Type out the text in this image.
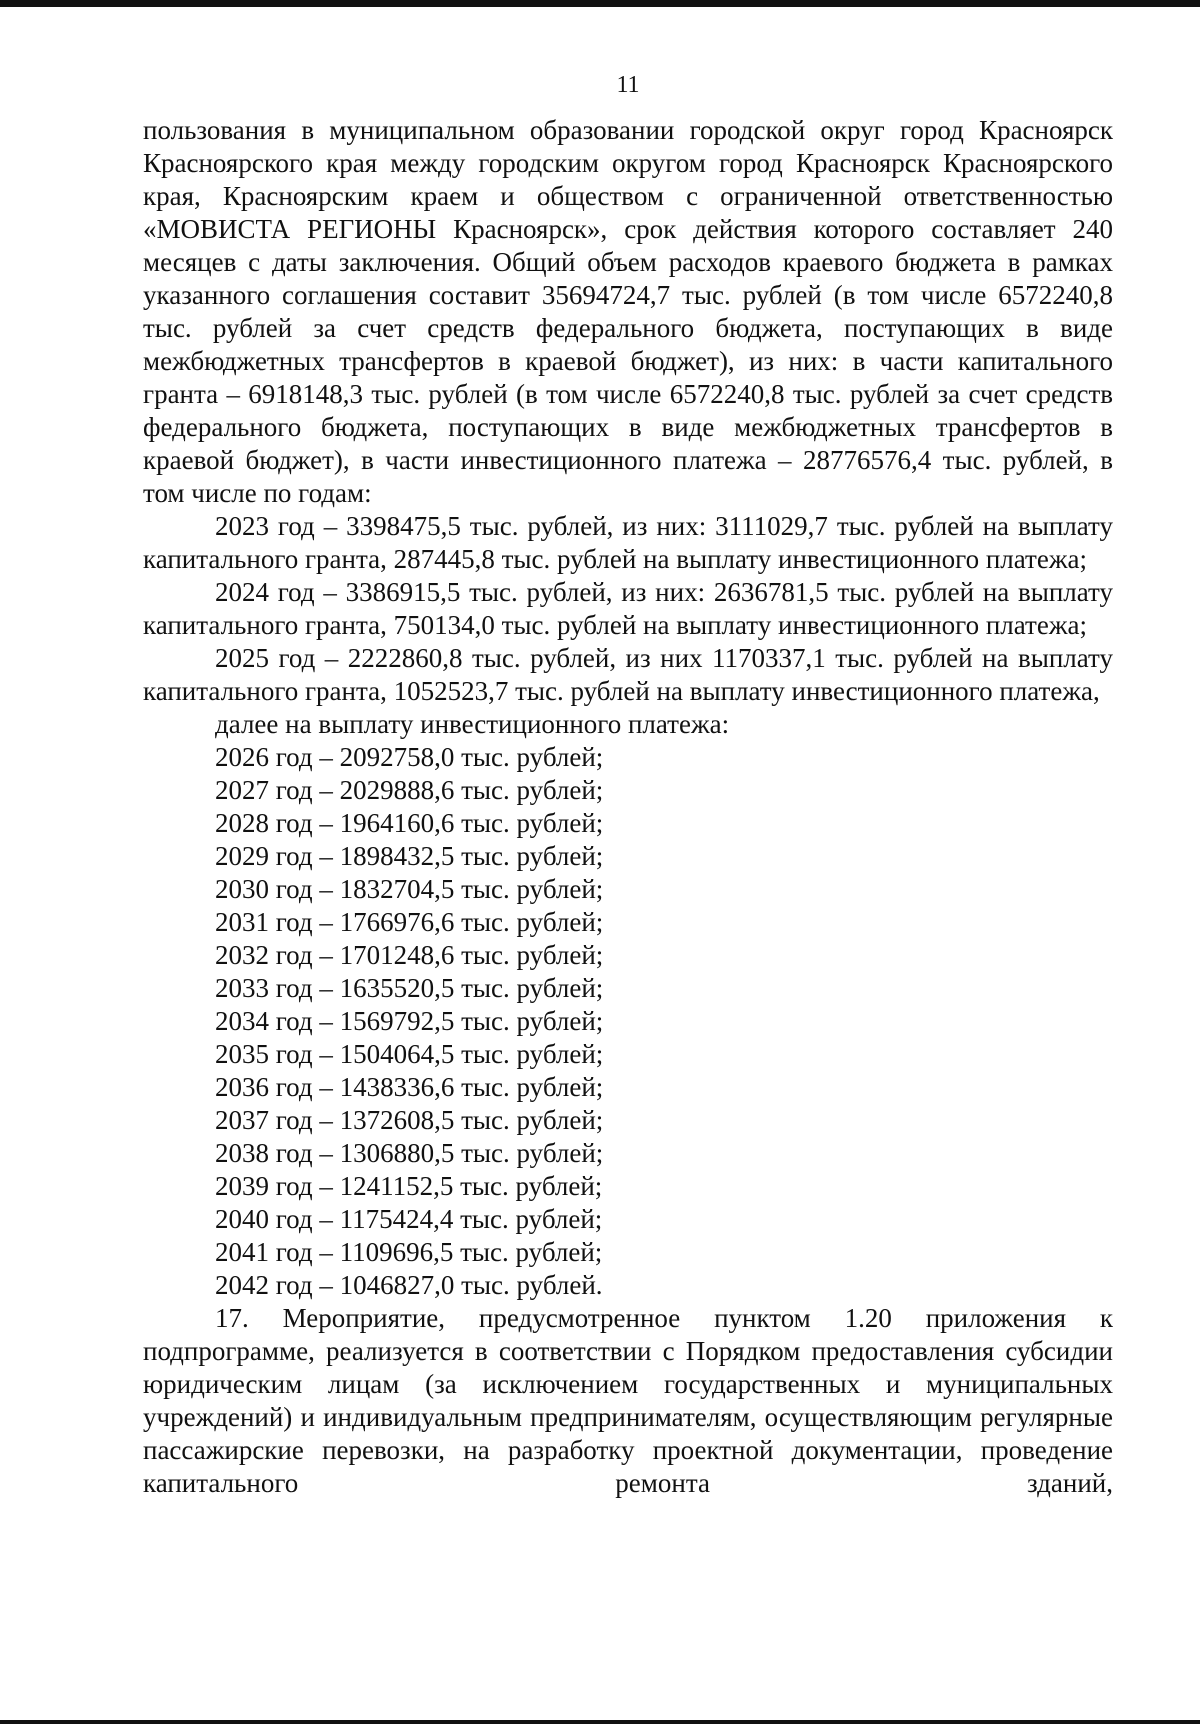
11

пользования в муниципальном образовании городской округ город Красноярск Красноярского края между городским округом город Красноярск Красноярского края, Красноярским краем и обществом с ограниченной ответственностью «МОВИСТА РЕГИОНЫ Красноярск», срок действия которого составляет 240 месяцев с даты заключения. Общий объем расходов краевого бюджета в рамках указанного соглашения составит 35694724,7 тыс. рублей (в том числе 6572240,8 тыс. рублей за счет средств федерального бюджета, поступающих в виде межбюджетных трансфертов в краевой бюджет), из них: в части капитального гранта – 6918148,3 тыс. рублей (в том числе 6572240,8 тыс. рублей за счет средств федерального бюджета, поступающих в виде межбюджетных трансфертов в краевой бюджет), в части инвестиционного платежа – 28776576,4 тыс. рублей, в том числе по годам:

2023 год – 3398475,5 тыс. рублей, из них: 3111029,7 тыс. рублей на выплату капитального гранта, 287445,8 тыс. рублей на выплату инвестиционного платежа;

2024 год – 3386915,5 тыс. рублей, из них: 2636781,5 тыс. рублей на выплату капитального гранта, 750134,0 тыс. рублей на выплату инвестиционного платежа;

2025 год – 2222860,8 тыс. рублей, из них 1170337,1 тыс. рублей на выплату капитального гранта, 1052523,7 тыс. рублей на выплату инвестиционного платежа,

далее на выплату инвестиционного платежа:

2026 год – 2092758,0 тыс. рублей;

2027 год – 2029888,6 тыс. рублей;

2028 год – 1964160,6 тыс. рублей;

2029 год – 1898432,5 тыс. рублей;

2030 год – 1832704,5 тыс. рублей;

2031 год – 1766976,6 тыс. рублей;

2032 год – 1701248,6 тыс. рублей;

2033 год – 1635520,5 тыс. рублей;

2034 год – 1569792,5 тыс. рублей;

2035 год – 1504064,5 тыс. рублей;

2036 год – 1438336,6 тыс. рублей;

2037 год – 1372608,5 тыс. рублей;

2038 год – 1306880,5 тыс. рублей;

2039 год – 1241152,5 тыс. рублей;

2040 год – 1175424,4 тыс. рублей;

2041 год – 1109696,5 тыс. рублей;

2042 год – 1046827,0 тыс. рублей.

17. Мероприятие, предусмотренное пунктом 1.20 приложения к подпрограмме, реализуется в соответствии с Порядком предоставления субсидии юридическим лицам (за исключением государственных и муниципальных учреждений) и индивидуальным предпринимателям, осуществляющим регулярные пассажирские перевозки, на разработку проектной документации, проведение капитального ремонта зданий,
